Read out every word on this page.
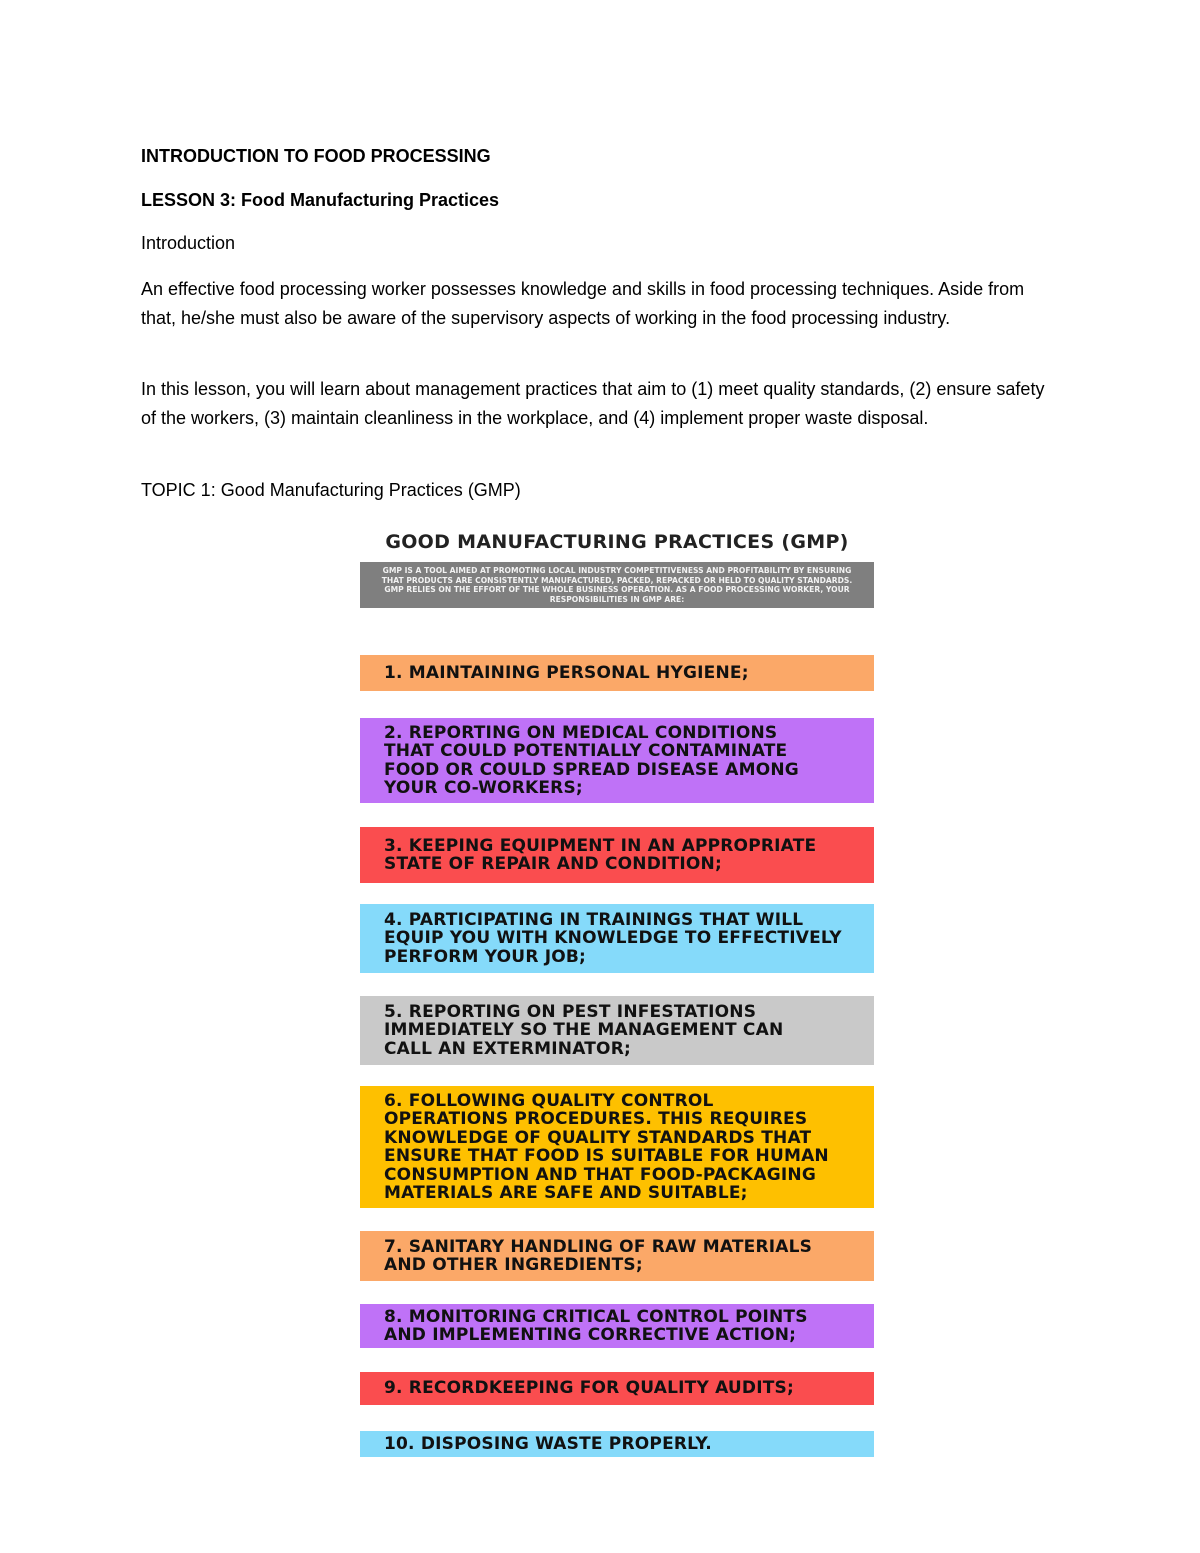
INTRODUCTION TO FOOD PROCESSING
LESSON 3: Food Manufacturing Practices
Introduction
An effective food processing worker possesses knowledge and skills in food processing techniques. Aside from that, he/she must also be aware of the supervisory aspects of working in the food processing industry.
In this lesson, you will learn about management practices that aim to (1) meet quality standards, (2) ensure safety of the workers, (3) maintain cleanliness in the workplace, and (4) implement proper waste disposal.
TOPIC 1: Good Manufacturing Practices (GMP)
GOOD MANUFACTURING PRACTICES (GMP)
GMP IS A TOOL AIMED AT PROMOTING LOCAL INDUSTRY COMPETITIVENESS AND PROFITABILITY BY ENSURING THAT PRODUCTS ARE CONSISTENTLY MANUFACTURED, PACKED, REPACKED OR HELD TO QUALITY STANDARDS. GMP RELIES ON THE EFFORT OF THE WHOLE BUSINESS OPERATION. AS A FOOD PROCESSING WORKER, YOUR RESPONSIBILITIES IN GMP ARE:
1. MAINTAINING PERSONAL HYGIENE;
2. REPORTING ON MEDICAL CONDITIONS
THAT COULD POTENTIALLY CONTAMINATE
FOOD OR COULD SPREAD DISEASE AMONG
YOUR CO-WORKERS;
3. KEEPING EQUIPMENT IN AN APPROPRIATE
STATE OF REPAIR AND CONDITION;
4. PARTICIPATING IN TRAININGS THAT WILL
EQUIP YOU WITH KNOWLEDGE TO EFFECTIVELY
PERFORM YOUR JOB;
5. REPORTING ON PEST INFESTATIONS
IMMEDIATELY SO THE MANAGEMENT CAN
CALL AN EXTERMINATOR;
6. FOLLOWING QUALITY CONTROL
OPERATIONS PROCEDURES. THIS REQUIRES
KNOWLEDGE OF QUALITY STANDARDS THAT
ENSURE THAT FOOD IS SUITABLE FOR HUMAN
CONSUMPTION AND THAT FOOD-PACKAGING
MATERIALS ARE SAFE AND SUITABLE;
7. SANITARY HANDLING OF RAW MATERIALS
AND OTHER INGREDIENTS;
8. MONITORING CRITICAL CONTROL POINTS
AND IMPLEMENTING CORRECTIVE ACTION;
9. RECORDKEEPING FOR QUALITY AUDITS;
10. DISPOSING WASTE PROPERLY.
